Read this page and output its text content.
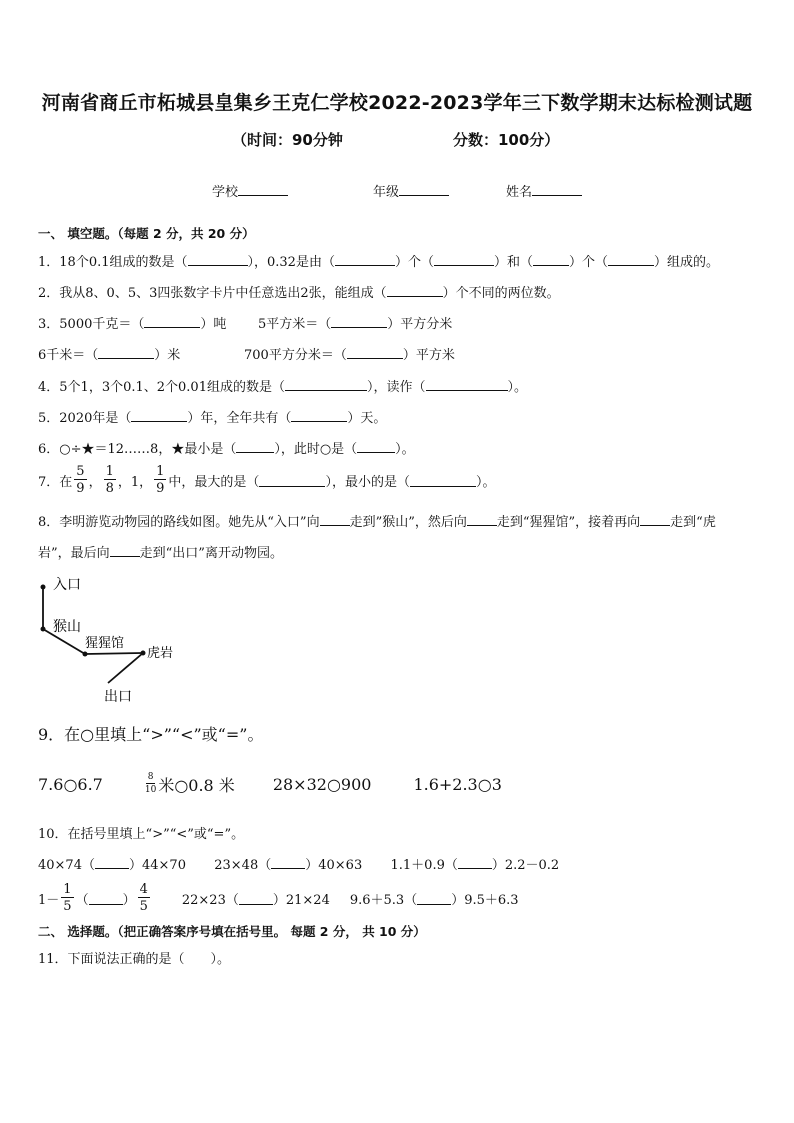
河南省商丘市柘城县皇集乡王克仁学校2022-2023学年三下数学期末达标检测试题
（时间：90分钟	分数：100分）
学校	年级	姓名
一、 填空题。（每题 2 分，共 20 分）
1．18个0.1组成的数是（	），0.32是由（	）个（	）和（	）个（	）组成的。
2．我从8、0、5、3四张数字卡片中任意选出2张，能组成（	）个不同的两位数。
3．5000千克＝（	）吨 5平方米＝（	）平方分米
6千米＝（	）米	700平方分米＝（	）平方米
4．5个1，3个0.1、2个0.01组成的数是（	），读作（	）。
5．2020年是（	）年，全年共有（	）天。
6．○÷★＝12……8，★最小是（	），此时○是（	）。
7．在 $\frac{5}{9}$ ， $\frac{1}{8}$ ，1， $\frac{1}{9}$ 中，最大的是（	），最小的是（	）。
8．李明游览动物园的路线如图。她先从“入口”向 走到”猴山”，然后向 走到“猩猩馆”，接着再向 走到“虎
岩”，最后向 走到“出口”离开动物园。
入口
猴山
猩猩馆
虎岩
出口
9．在○里填上“>”“<”或“=”。
7.6○6.7	$\frac{8}{10}$ 米○0.8 米 28×32○900	1.6+2.3○3
10．在括号里填上“>”“<”或“=”。
40×74（	）44×70 23×48（	）40×63 1.1＋0.9（	）2.2－0.2
$1- \frac{1}{5}$ （	） $\frac{4}{5} 22\times 23$（	）21×24 9.6＋5.3（	）9.5＋6.3
二、 选择题。（把正确答案序号填在括号里。 每题 2 分， 共 10 分）
11．下面说法正确的是（　　）。
